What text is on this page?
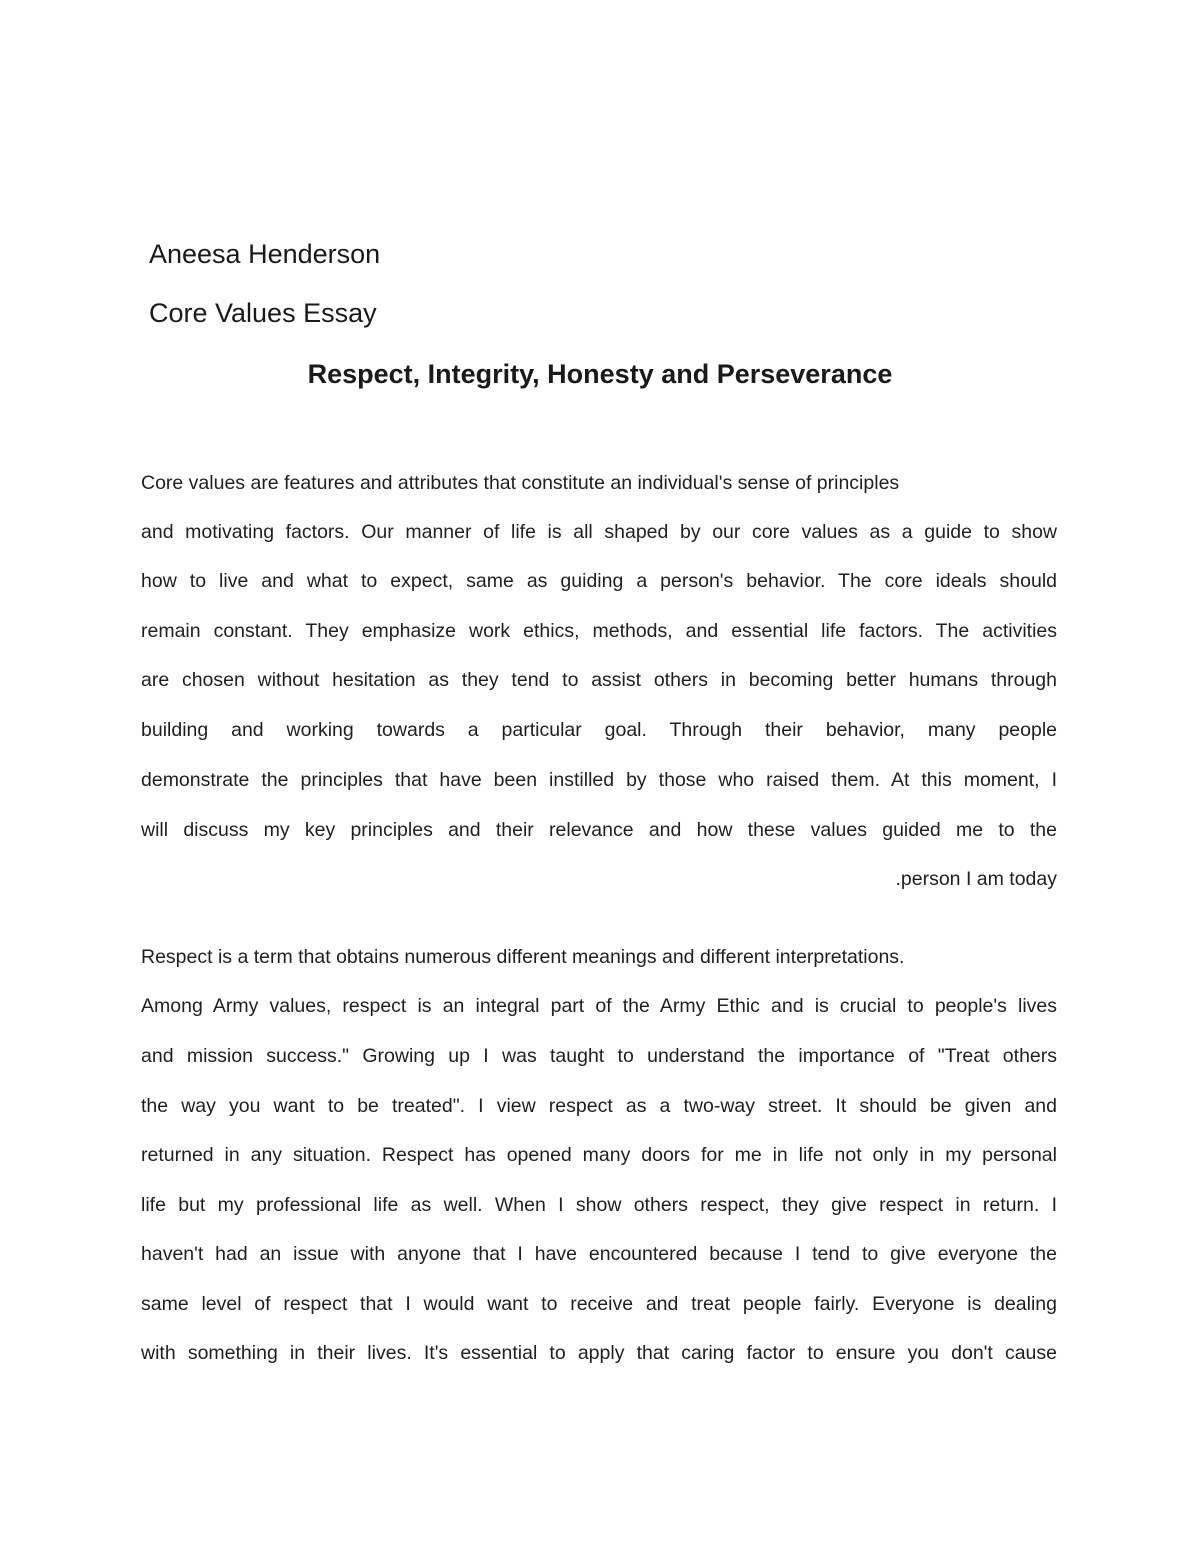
Aneesa Henderson
Core Values Essay
Respect, Integrity, Honesty and Perseverance
Core values are features and attributes that constitute an individual's sense of principles
and motivating factors. Our manner of life is all shaped by our core values as a guide to show
how to live and what to expect, same as guiding a person's behavior. The core ideals should
remain constant. They emphasize work ethics, methods, and essential life factors. The activities
are chosen without hesitation as they tend to assist others in becoming better humans through
building and working towards a particular goal. Through their behavior, many people
demonstrate the principles that have been instilled by those who raised them. At this moment, I
will discuss my key principles and their relevance and how these values guided me to the
.person I am today
Respect is a term that obtains numerous different meanings and different interpretations.
Among Army values, respect is an integral part of the Army Ethic and is crucial to people's lives
and mission success." Growing up I was taught to understand the importance of "Treat others
the way you want to be treated". I view respect as a two-way street. It should be given and
returned in any situation. Respect has opened many doors for me in life not only in my personal
life but my professional life as well. When I show others respect, they give respect in return. I
haven't had an issue with anyone that I have encountered because I tend to give everyone the
same level of respect that I would want to receive and treat people fairly. Everyone is dealing
with something in their lives. It's essential to apply that caring factor to ensure you don't cause
